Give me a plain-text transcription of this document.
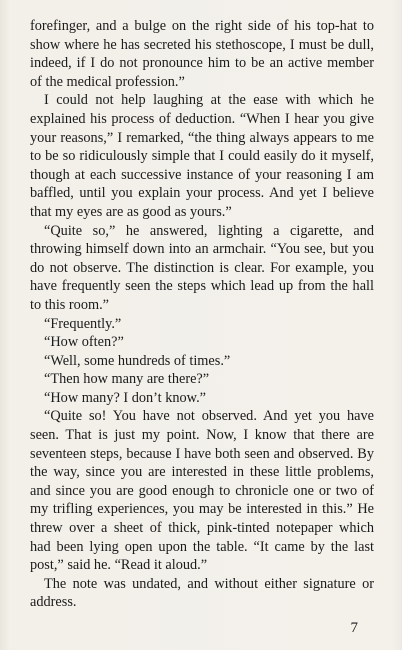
forefinger, and a bulge on the right side of his top-hat to show where he has secreted his stethoscope, I must be dull, indeed, if I do not pronounce him to be an active member of the medical profession.”

I could not help laughing at the ease with which he explained his process of deduction. “When I hear you give your reasons,” I remarked, “the thing always appears to me to be so ridiculously simple that I could easily do it myself, though at each successive instance of your reasoning I am baffled, until you explain your process. And yet I believe that my eyes are as good as yours.”

“Quite so,” he answered, lighting a cigarette, and throwing himself down into an armchair. “You see, but you do not observe. The distinction is clear. For example, you have frequently seen the steps which lead up from the hall to this room.”

“Frequently.”

“How often?”

“Well, some hundreds of times.”

“Then how many are there?”

“How many? I don’t know.”

“Quite so! You have not observed. And yet you have seen. That is just my point. Now, I know that there are seventeen steps, because I have both seen and observed. By the way, since you are interested in these little problems, and since you are good enough to chronicle one or two of my trifling experiences, you may be interested in this.” He threw over a sheet of thick, pink-tinted notepaper which had been lying open upon the table. “It came by the last post,” said he. “Read it aloud.”

The note was undated, and without either signature or address.

7
